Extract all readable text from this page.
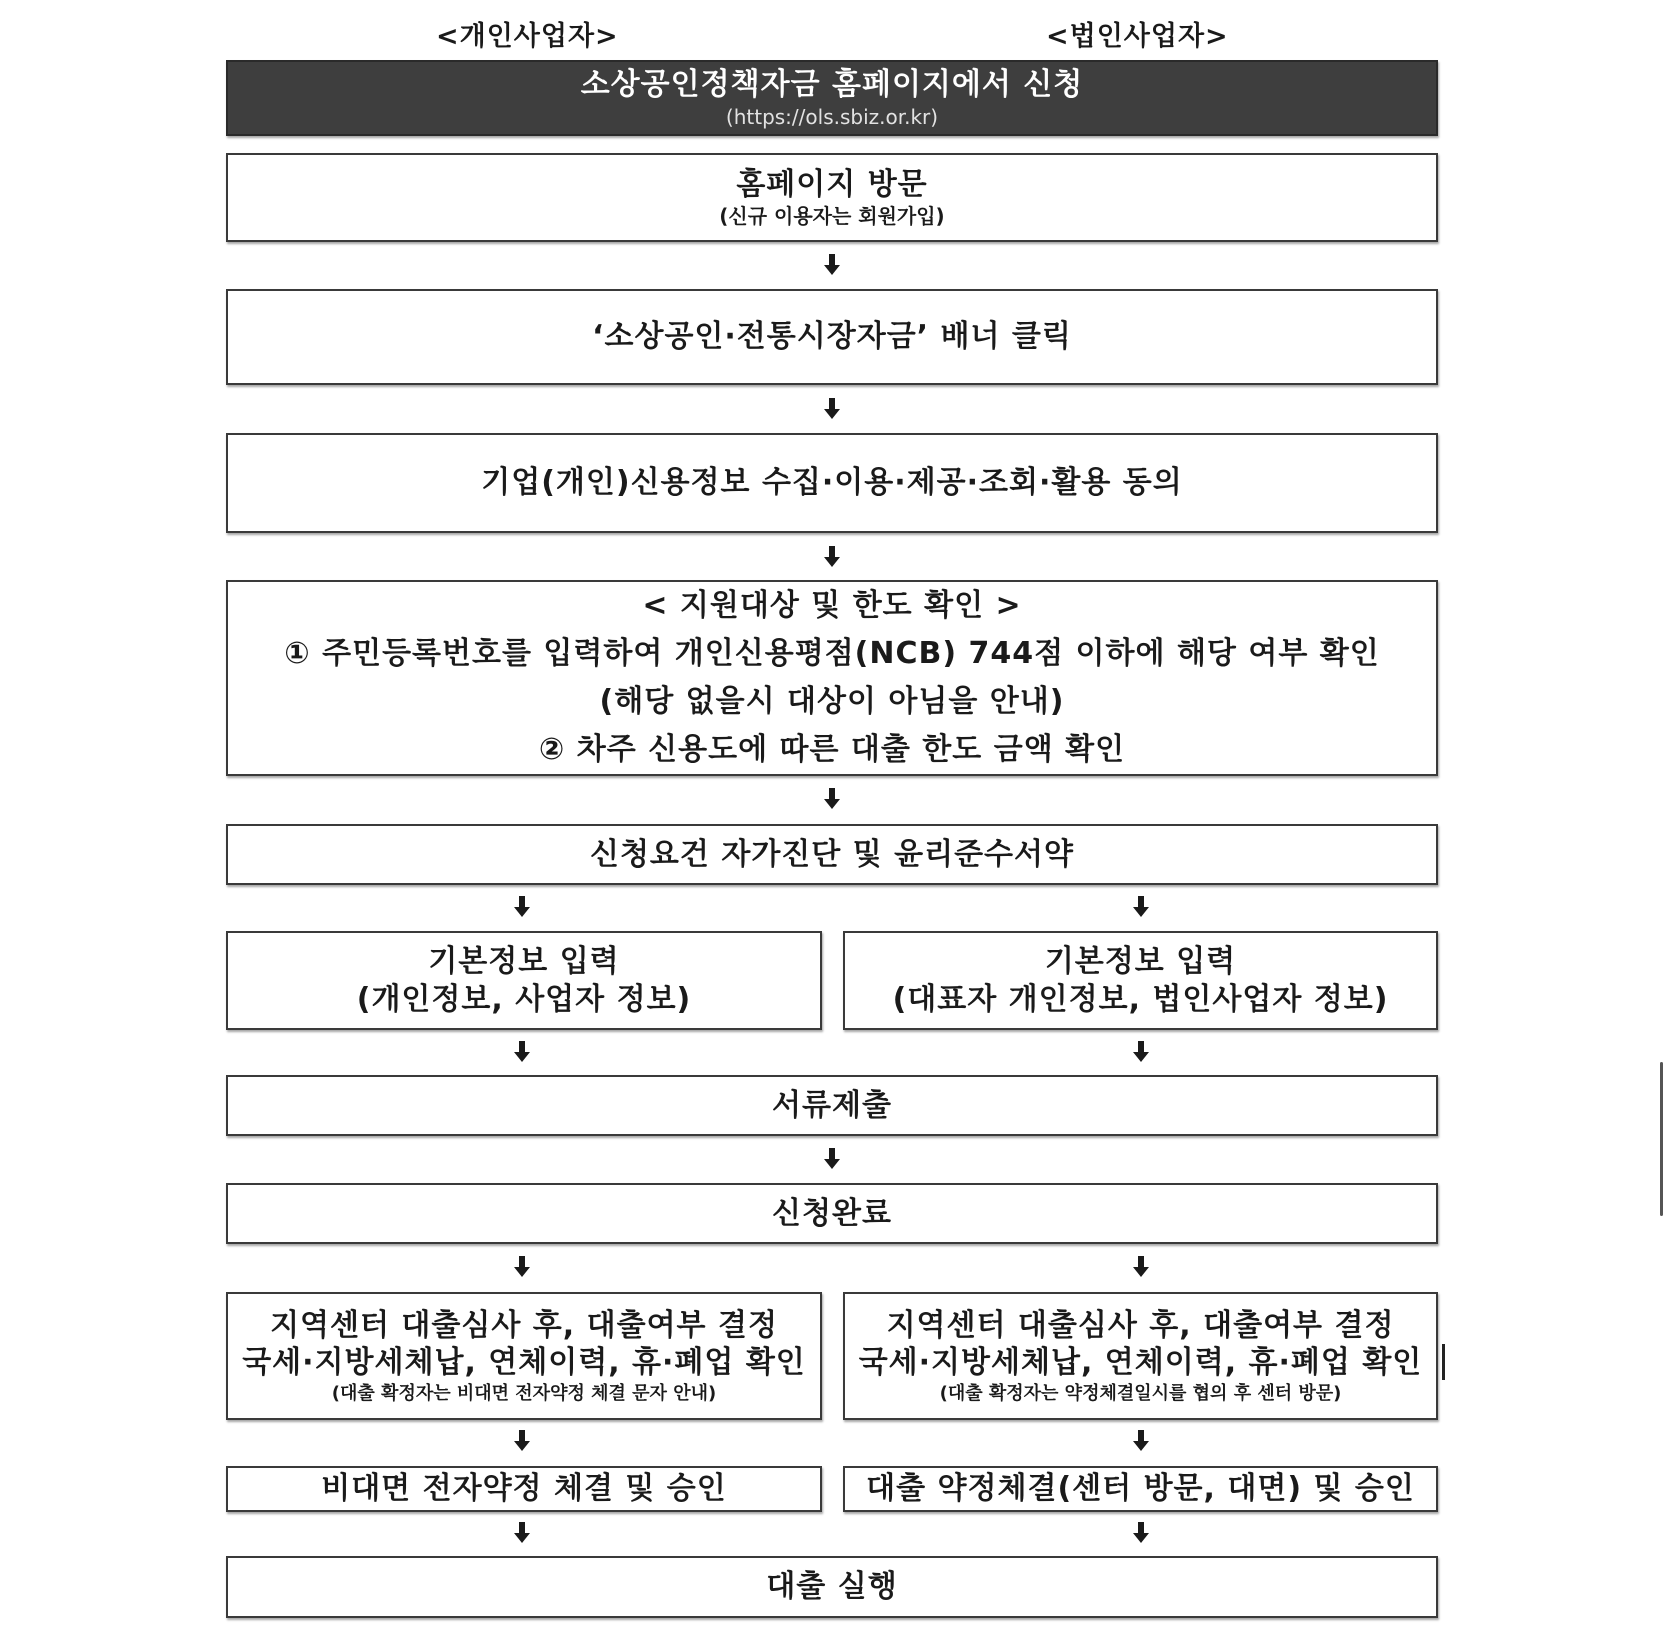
<개인사업자>	<법인사업자>
소상공인정책자금 홈페이지에서 신청
(https://ols.sbiz.or.kr)
홈페이지 방문
(신규 이용자는 회원가입)
‘소상공인·전통시장자금’ 배너 클릭
기업(개인)신용정보 수집·이용·제공·조회·활용 동의
< 지원대상 및 한도 확인 >
① 주민등록번호를 입력하여 개인신용평점(NCB) 744점 이하에 해당 여부 확인
(해당 없을시 대상이 아님을 안내)
② 차주 신용도에 따른 대출 한도 금액 확인
신청요건 자가진단 및 윤리준수서약
기본정보 입력
(개인정보, 사업자 정보)
기본정보 입력
(대표자 개인정보, 법인사업자 정보)
서류제출
신청완료
지역센터 대출심사 후, 대출여부 결정
국세·지방세체납, 연체이력, 휴·폐업 확인
(대출 확정자는 비대면 전자약정 체결 문자 안내)
지역센터 대출심사 후, 대출여부 결정
국세·지방세체납, 연체이력, 휴·폐업 확인
(대출 확정자는 약정체결일시를 협의 후 센터 방문)
비대면 전자약정 체결 및 승인	대출 약정체결(센터 방문, 대면) 및 승인
대출 실행
